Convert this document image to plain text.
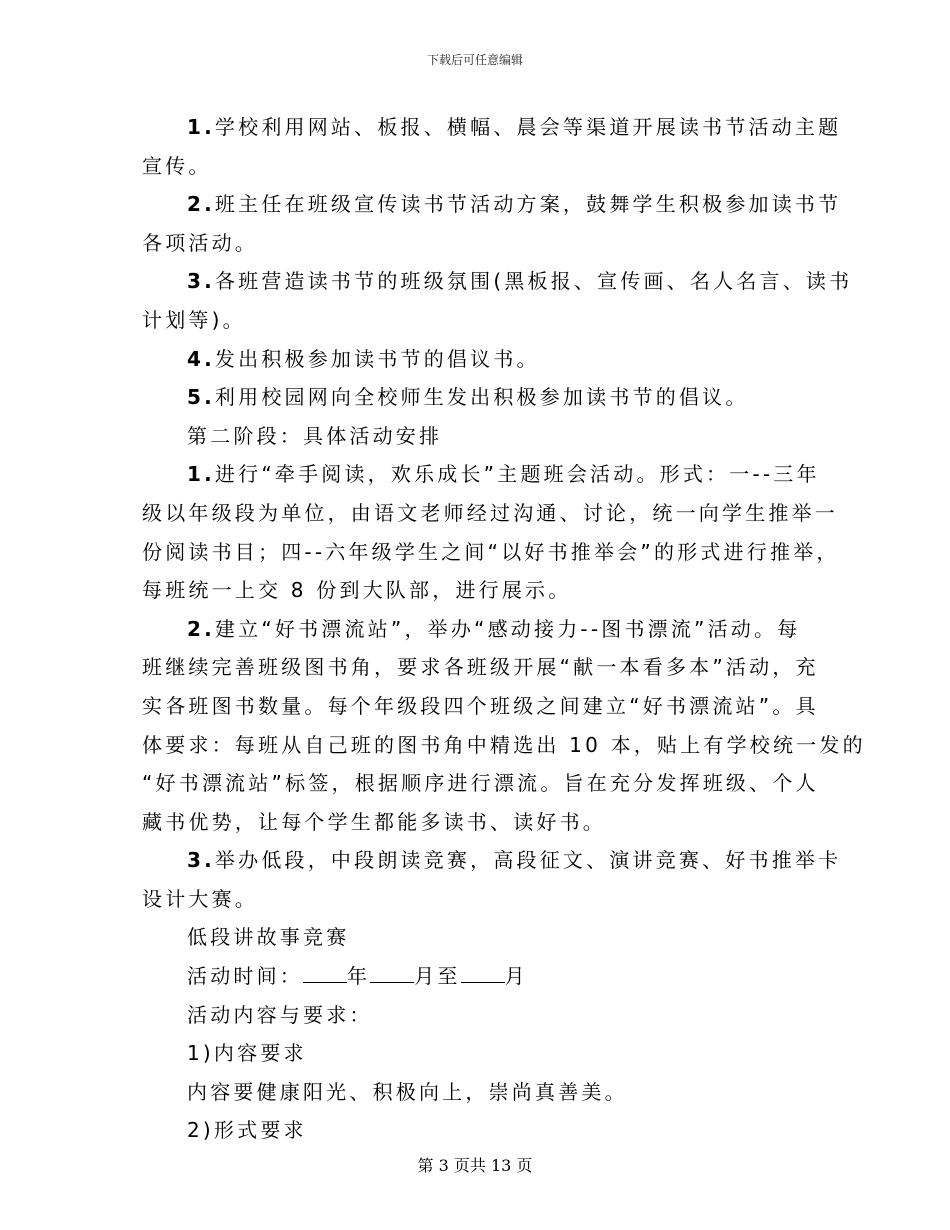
下载后可任意编辑
1.学校利用网站、板报、横幅、晨会等渠道开展读书节活动主题
宣传。
2.班主任在班级宣传读书节活动方案，鼓舞学生积极参加读书节
各项活动。
3.各班营造读书节的班级氛围(黑板报、宣传画、名人名言、读书
计划等)。
4.发出积极参加读书节的倡议书。
5.利用校园网向全校师生发出积极参加读书节的倡议。
第二阶段：具体活动安排
1.进行“牵手阅读，欢乐成长”主题班会活动。形式：一--三年
级以年级段为单位，由语文老师经过沟通、讨论，统一向学生推举一
份阅读书目；四--六年级学生之间“以好书推举会”的形式进行推举，
每班统一上交 8 份到大队部，进行展示。
2.建立“好书漂流站”，举办“感动接力--图书漂流”活动。每
班继续完善班级图书角，要求各班级开展“献一本看多本”活动，充
实各班图书数量。每个年级段四个班级之间建立“好书漂流站”。具
体要求：每班从自己班的图书角中精选出 10 本，贴上有学校统一发的
“好书漂流站”标签，根据顺序进行漂流。旨在充分发挥班级、个人
藏书优势，让每个学生都能多读书、读好书。
3.举办低段，中段朗读竞赛，高段征文、演讲竞赛、好书推举卡
设计大赛。
低段讲故事竞赛
活动时间： 年 月至 月
活动内容与要求：
1)内容要求
内容要健康阳光、积极向上，崇尚真善美。
2)形式要求
第 3 页共 13 页
